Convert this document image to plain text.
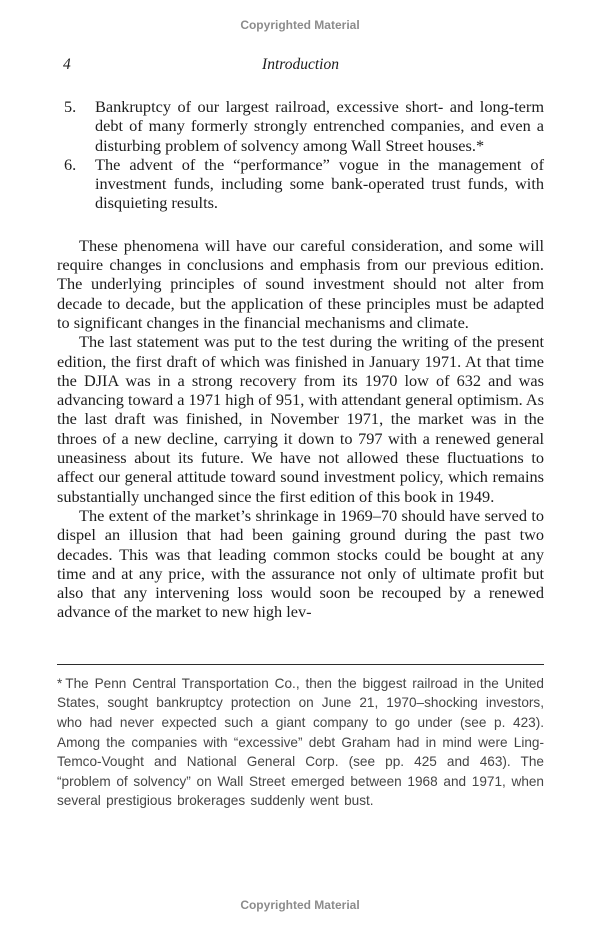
Copyrighted Material
4	Introduction
5.	Bankruptcy of our largest railroad, excessive short- and long-term debt of many formerly strongly entrenched companies, and even a disturbing problem of solvency among Wall Street houses.*
6.	The advent of the “performance” vogue in the management of investment funds, including some bank-operated trust funds, with disquieting results.

These phenomena will have our careful consideration, and some will require changes in conclusions and emphasis from our previous edition. The underlying principles of sound investment should not alter from decade to decade, but the application of these principles must be adapted to significant changes in the financial mechanisms and climate.

The last statement was put to the test during the writing of the present edition, the first draft of which was finished in January 1971. At that time the DJIA was in a strong recovery from its 1970 low of 632 and was advancing toward a 1971 high of 951, with attendant general optimism. As the last draft was finished, in November 1971, the market was in the throes of a new decline, carrying it down to 797 with a renewed general uneasiness about its future. We have not allowed these fluctuations to affect our general attitude toward sound investment policy, which remains substantially unchanged since the first edition of this book in 1949.

The extent of the market’s shrinkage in 1969–70 should have served to dispel an illusion that had been gaining ground during the past two decades. This was that leading common stocks could be bought at any time and at any price, with the assurance not only of ultimate profit but also that any intervening loss would soon be recouped by a renewed advance of the market to new high lev-

* The Penn Central Transportation Co., then the biggest railroad in the United States, sought bankruptcy protection on June 21, 1970–shocking investors, who had never expected such a giant company to go under (see p. 423). Among the companies with “excessive” debt Graham had in mind were Ling-Temco-Vought and National General Corp. (see pp. 425 and 463). The “problem of solvency” on Wall Street emerged between 1968 and 1971, when several prestigious brokerages suddenly went bust.

Copyrighted Material
